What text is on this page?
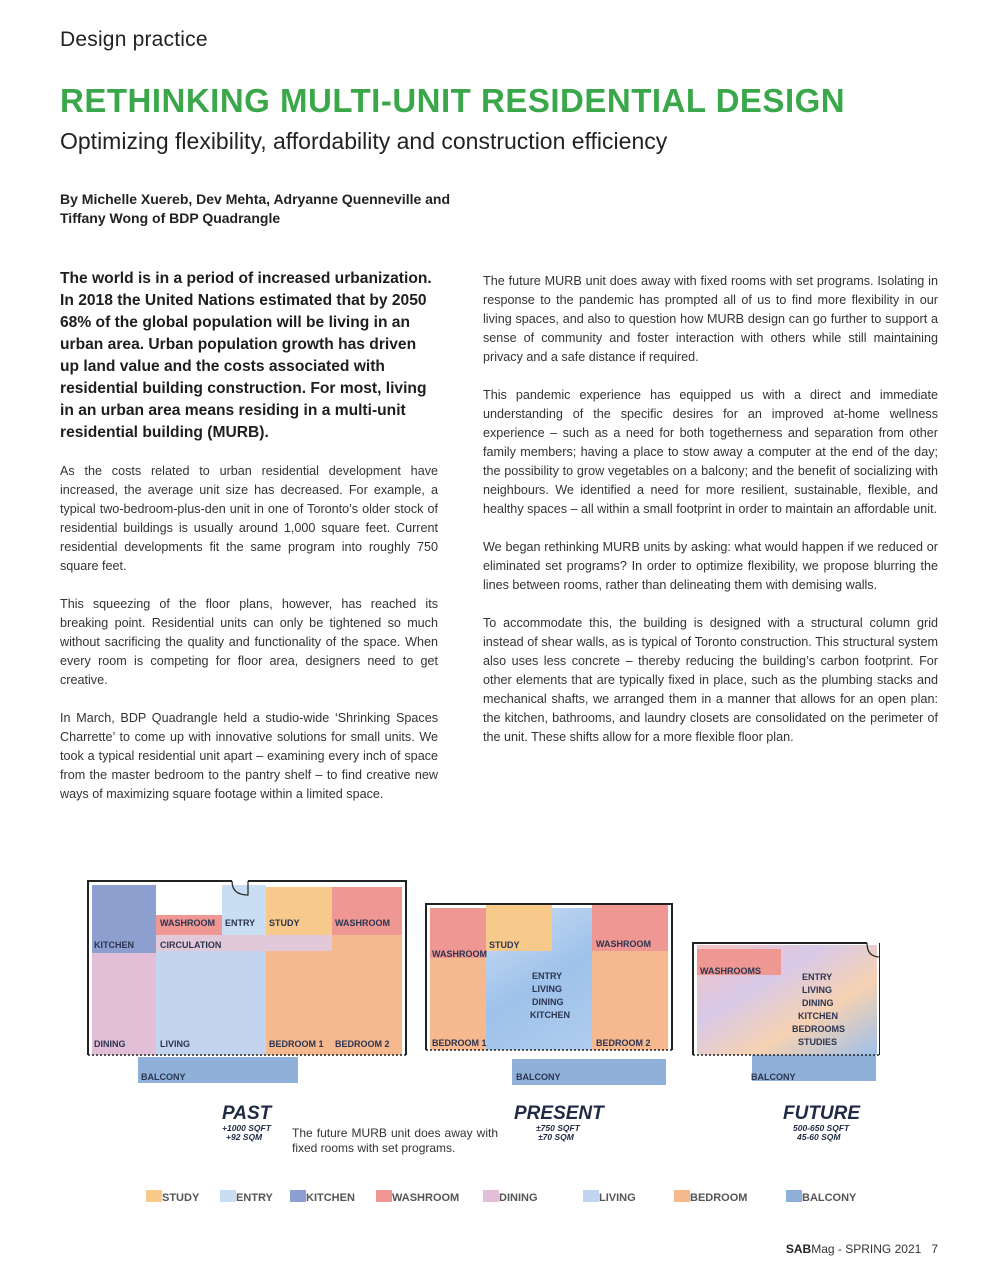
Design practice
RETHINKING MULTI-UNIT RESIDENTIAL DESIGN
Optimizing flexibility, affordability and construction efficiency
By Michelle Xuereb, Dev Mehta, Adryanne Quenneville and Tiffany Wong of BDP Quadrangle

The world is in a period of increased urbanization. In 2018 the United Nations estimated that by 2050 68% of the global population will be living in an urban area. Urban population growth has driven up land value and the costs associated with residential building construction. For most, living in an urban area means residing in a multi-unit residential building (MURB).

As the costs related to urban residential development have increased, the average unit size has decreased. For example, a typical two-bedroom-plus-den unit in one of Toronto’s older stock of residential buildings is usually around 1,000 square feet. Current residential developments fit the same program into roughly 750 square feet.

This squeezing of the floor plans, however, has reached its breaking point. Residential units can only be tightened so much without sacrificing the quality and functionality of the space. When every room is competing for floor area, designers need to get creative.

In March, BDP Quadrangle held a studio-wide ‘Shrinking Spaces Charrette’ to come up with innovative solutions for small units. We took a typical residential unit apart – examining every inch of space from the master bedroom to the pantry shelf – to find creative new ways of maximizing square footage within a limited space.

The future MURB unit does away with fixed rooms with set programs. Isolating in response to the pandemic has prompted all of us to find more flexibility in our living spaces, and also to question how MURB design can go further to support a sense of community and foster interaction with others while still maintaining privacy and a safe distance if required.

This pandemic experience has equipped us with a direct and immediate understanding of the specific desires for an improved at-home wellness experience – such as a need for both togetherness and separation from other family members; having a place to stow away a computer at the end of the day; the possibility to grow vegetables on a balcony; and the benefit of socializing with neighbours. We identified a need for more resilient, sustainable, flexible, and healthy spaces – all within a small footprint in order to maintain an affordable unit.

We began rethinking MURB units by asking: what would happen if we reduced or eliminated set programs? In order to optimize flexibility, we propose blurring the lines between rooms, rather than delineating them with demising walls.

To accommodate this, the building is designed with a structural column grid instead of shear walls, as is typical of Toronto construction. This structural system also uses less concrete – thereby reducing the building’s carbon footprint. For other elements that are typically fixed in place, such as the plumbing stacks and mechanical shafts, we arranged them in a manner that allows for an open plan: the kitchen, bathrooms, and laundry closets are consolidated on the perimeter of the unit. These shifts allow for a more flexible floor plan.

WASHROOM ENTRY STUDY	WASHROOM
KITCHEN	CIRCULATION
DINING	LIVING	BEDROOM 1 BEDROOM 2
BALCONY
PAST
+1000 SQFT
+92 SQM
WASHROOM
STUDY	WASHROOM
ENTRY
LIVING
DINING
KITCHEN
BEDROOM 1	BEDROOM 2
BALCONY
PRESENT
±750 SQFT
±70 SQM
WASHROOMS
ENTRY
LIVING
DINING
KITCHEN
BEDROOMS
STUDIES
BALCONY
FUTURE
500-650 SQFT
45-60 SQM
The future MURB unit does away with fixed rooms with set programs.
STUDY	ENTRY	KITCHEN	WASHROOM	DINING	LIVING	BEDROOM	BALCONY
SABMag - SPRING 2021 7
